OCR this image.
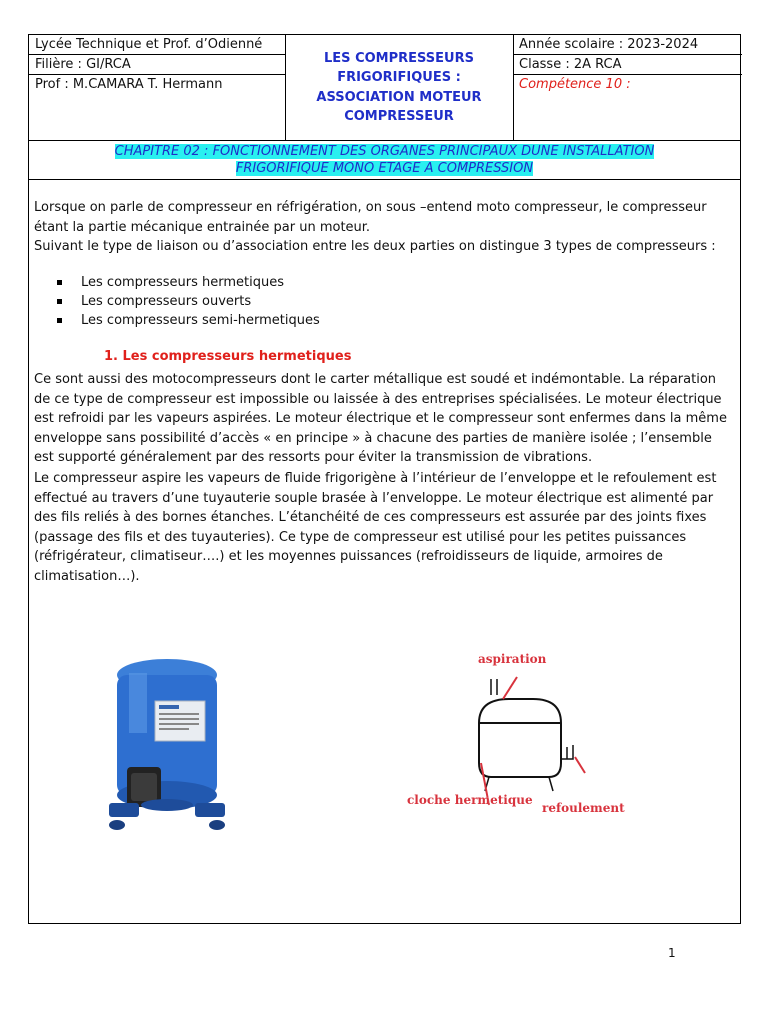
Lycée Technique et Prof. d’Odienné
Filière : GI/RCA
Prof : M.CAMARA T. Hermann
LES COMPRESSEURS
FRIGORIFIQUES :
ASSOCIATION MOTEUR
COMPRESSEUR
Année scolaire : 2023-2024
Classe : 2A RCA
Compétence 10 :
CHAPITRE 02 : FONCTIONNEMENT DES ORGANES PRINCIPAUX DUNE INSTALLATION
FRIGORIFIQUE MONO ETAGE A COMPRESSION
Lorsque on parle de compresseur en réfrigération, on sous –entend moto compresseur, le compresseur étant la partie mécanique entrainée par un moteur.
Suivant le type de liaison ou d’association entre les deux parties on distingue 3 types de compresseurs :
Les compresseurs hermetiques
Les compresseurs ouverts
Les compresseurs semi-hermetiques
1. Les compresseurs hermetiques
Ce sont aussi des motocompresseurs dont le carter métallique est soudé et indémontable. La réparation de ce type de compresseur est impossible ou laissée à des entreprises spécialisées. Le moteur électrique est refroidi par les vapeurs aspirées. Le moteur électrique et le compresseur sont enfermes dans la même enveloppe sans possibilité d’accès « en principe » à chacune des parties de manière isolée ; l’ensemble est supporté généralement par des ressorts pour éviter la transmission de vibrations.
Le compresseur aspire les vapeurs de fluide frigorigène à l’intérieur de l’enveloppe et le refoulement est effectué au travers d’une tuyauterie souple brasée à l’enveloppe. Le moteur électrique est alimenté par des fils reliés à des bornes étanches. L’étanchéité de ces compresseurs est assurée par des joints fixes (passage des fils et des tuyauteries). Ce type de compresseur est utilisé pour les petites puissances (réfrigérateur, climatiseur….) et les moyennes puissances (refroidisseurs de liquide, armoires de climatisation…).
aspiration
cloche hermetique
refoulement
1
